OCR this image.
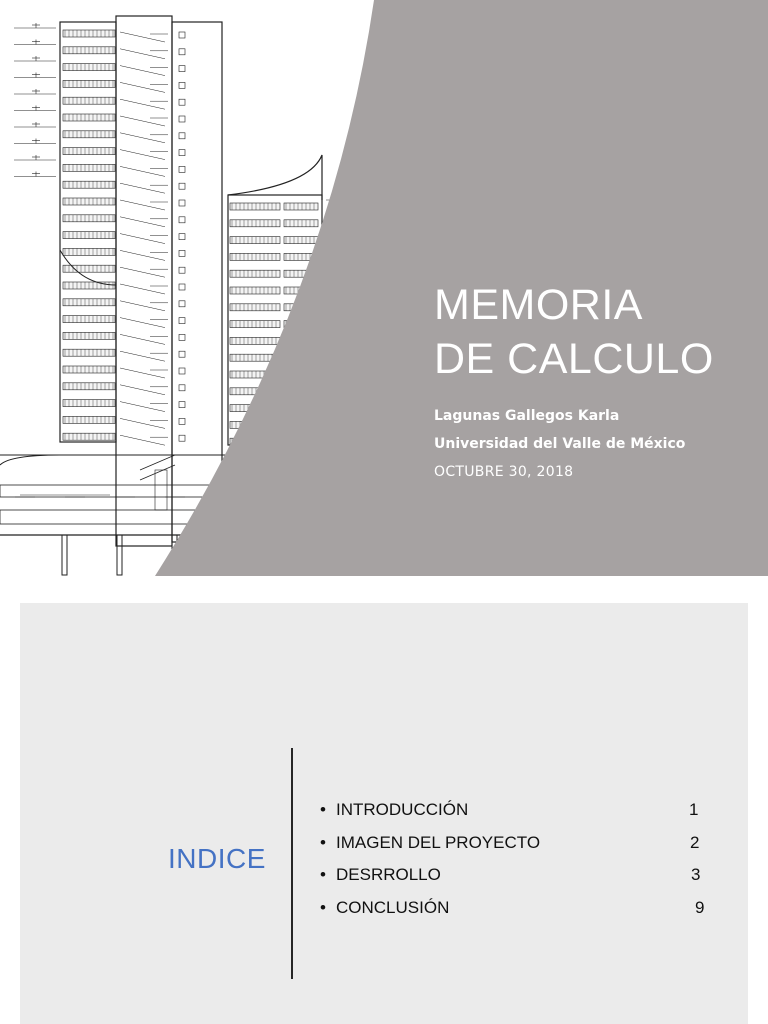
MEMORIA
DE CALCULO
Lagunas Gallegos Karla
Universidad del Valle de México
OCTUBRE 30, 2018
INDICE
• INTRODUCCIÓN	1
• IMAGEN DEL PROYECTO	2
• DESRROLLO	3
• CONCLUSIÓN	9
